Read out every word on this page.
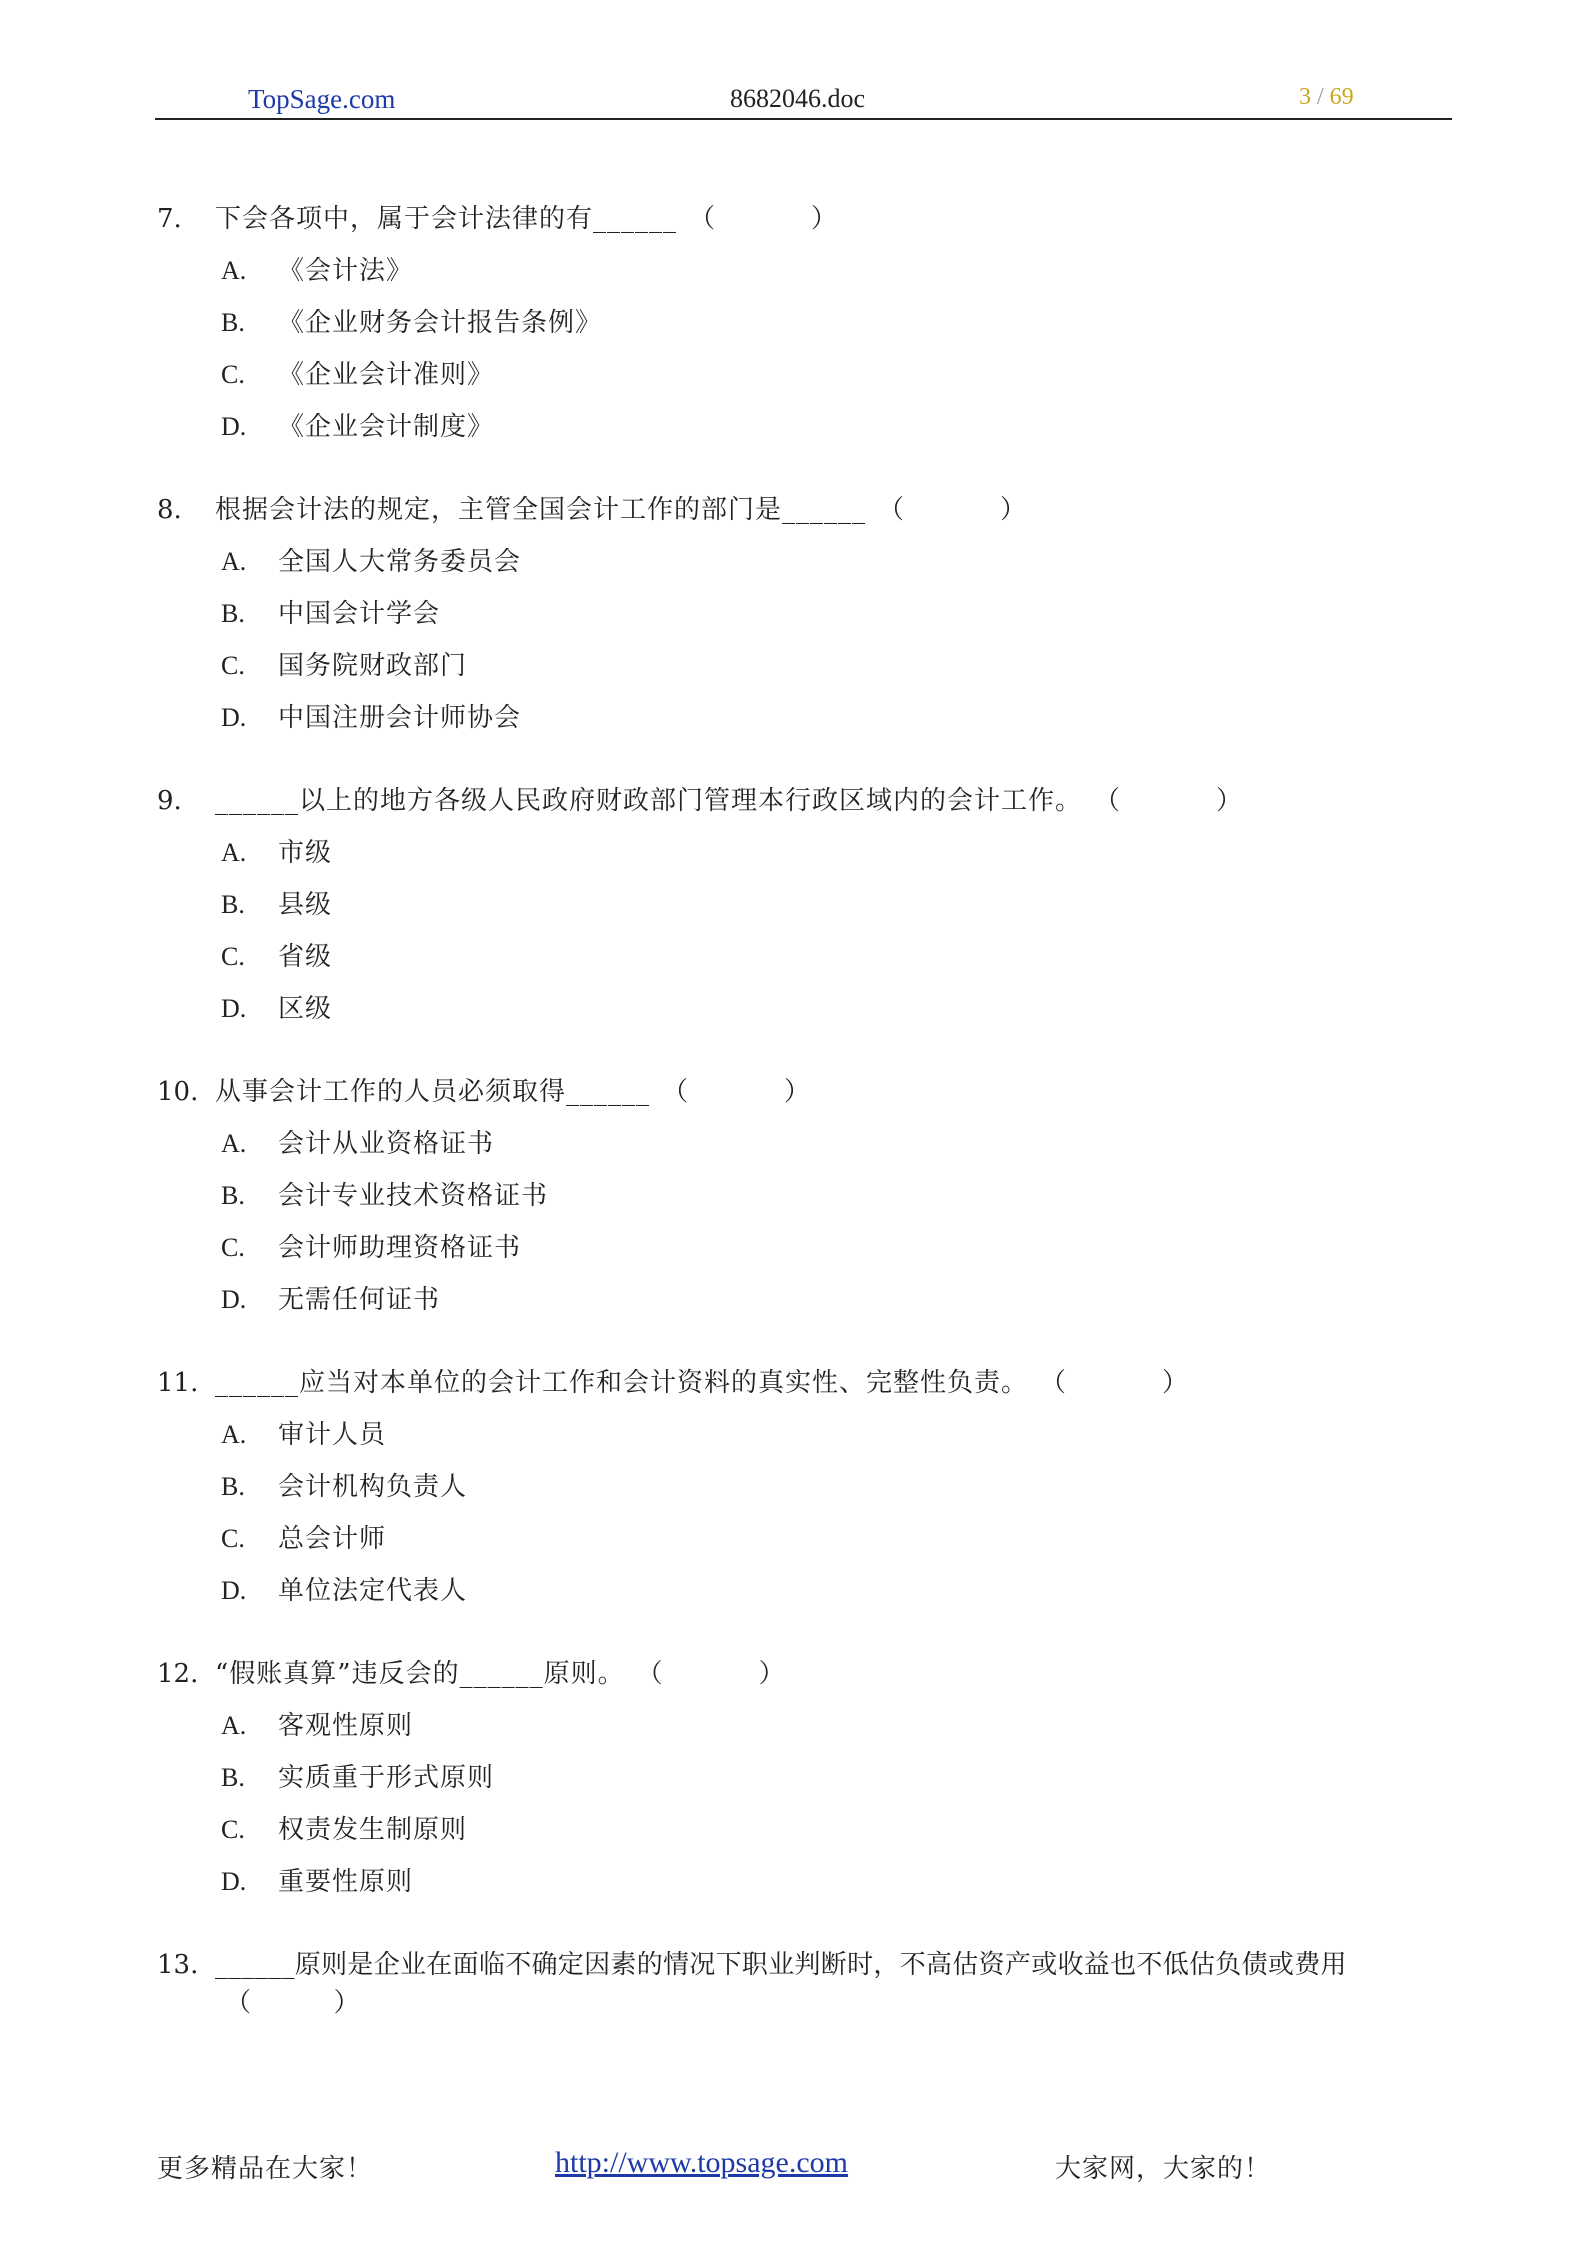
TopSage.com	8682046.doc	3 / 69
7. 下会各项中，属于会计法律的有______ （	）
A. 《会计法》
B. 《企业财务会计报告条例》
C. 《企业会计准则》
D. 《企业会计制度》
8. 根据会计法的规定，主管全国会计工作的部门是______ （	）
A. 全国人大常务委员会
B. 中国会计学会
C. 国务院财政部门
D. 中国注册会计师协会
9. ______以上的地方各级人民政府财政部门管理本行政区域内的会计工作。 （	）
A. 市级
B. 县级
C. 省级
D. 区级
10. 从事会计工作的人员必须取得______ （	）
A. 会计从业资格证书
B. 会计专业技术资格证书
C. 会计师助理资格证书
D. 无需任何证书
11. ______应当对本单位的会计工作和会计资料的真实性、完整性负责。 （	）
A. 审计人员
B. 会计机构负责人
C. 总会计师
D. 单位法定代表人
12. “假账真算”违反会的______原则。 （	）
A. 客观性原则
B. 实质重于形式原则
C. 权责发生制原则
D. 重要性原则
13. ______原则是企业在面临不确定因素的情况下职业判断时，不高估资产或收益也不低估负债或费用
（          ）
更多精品在大家！	http://www.topsage.com	大家网，大家的！
